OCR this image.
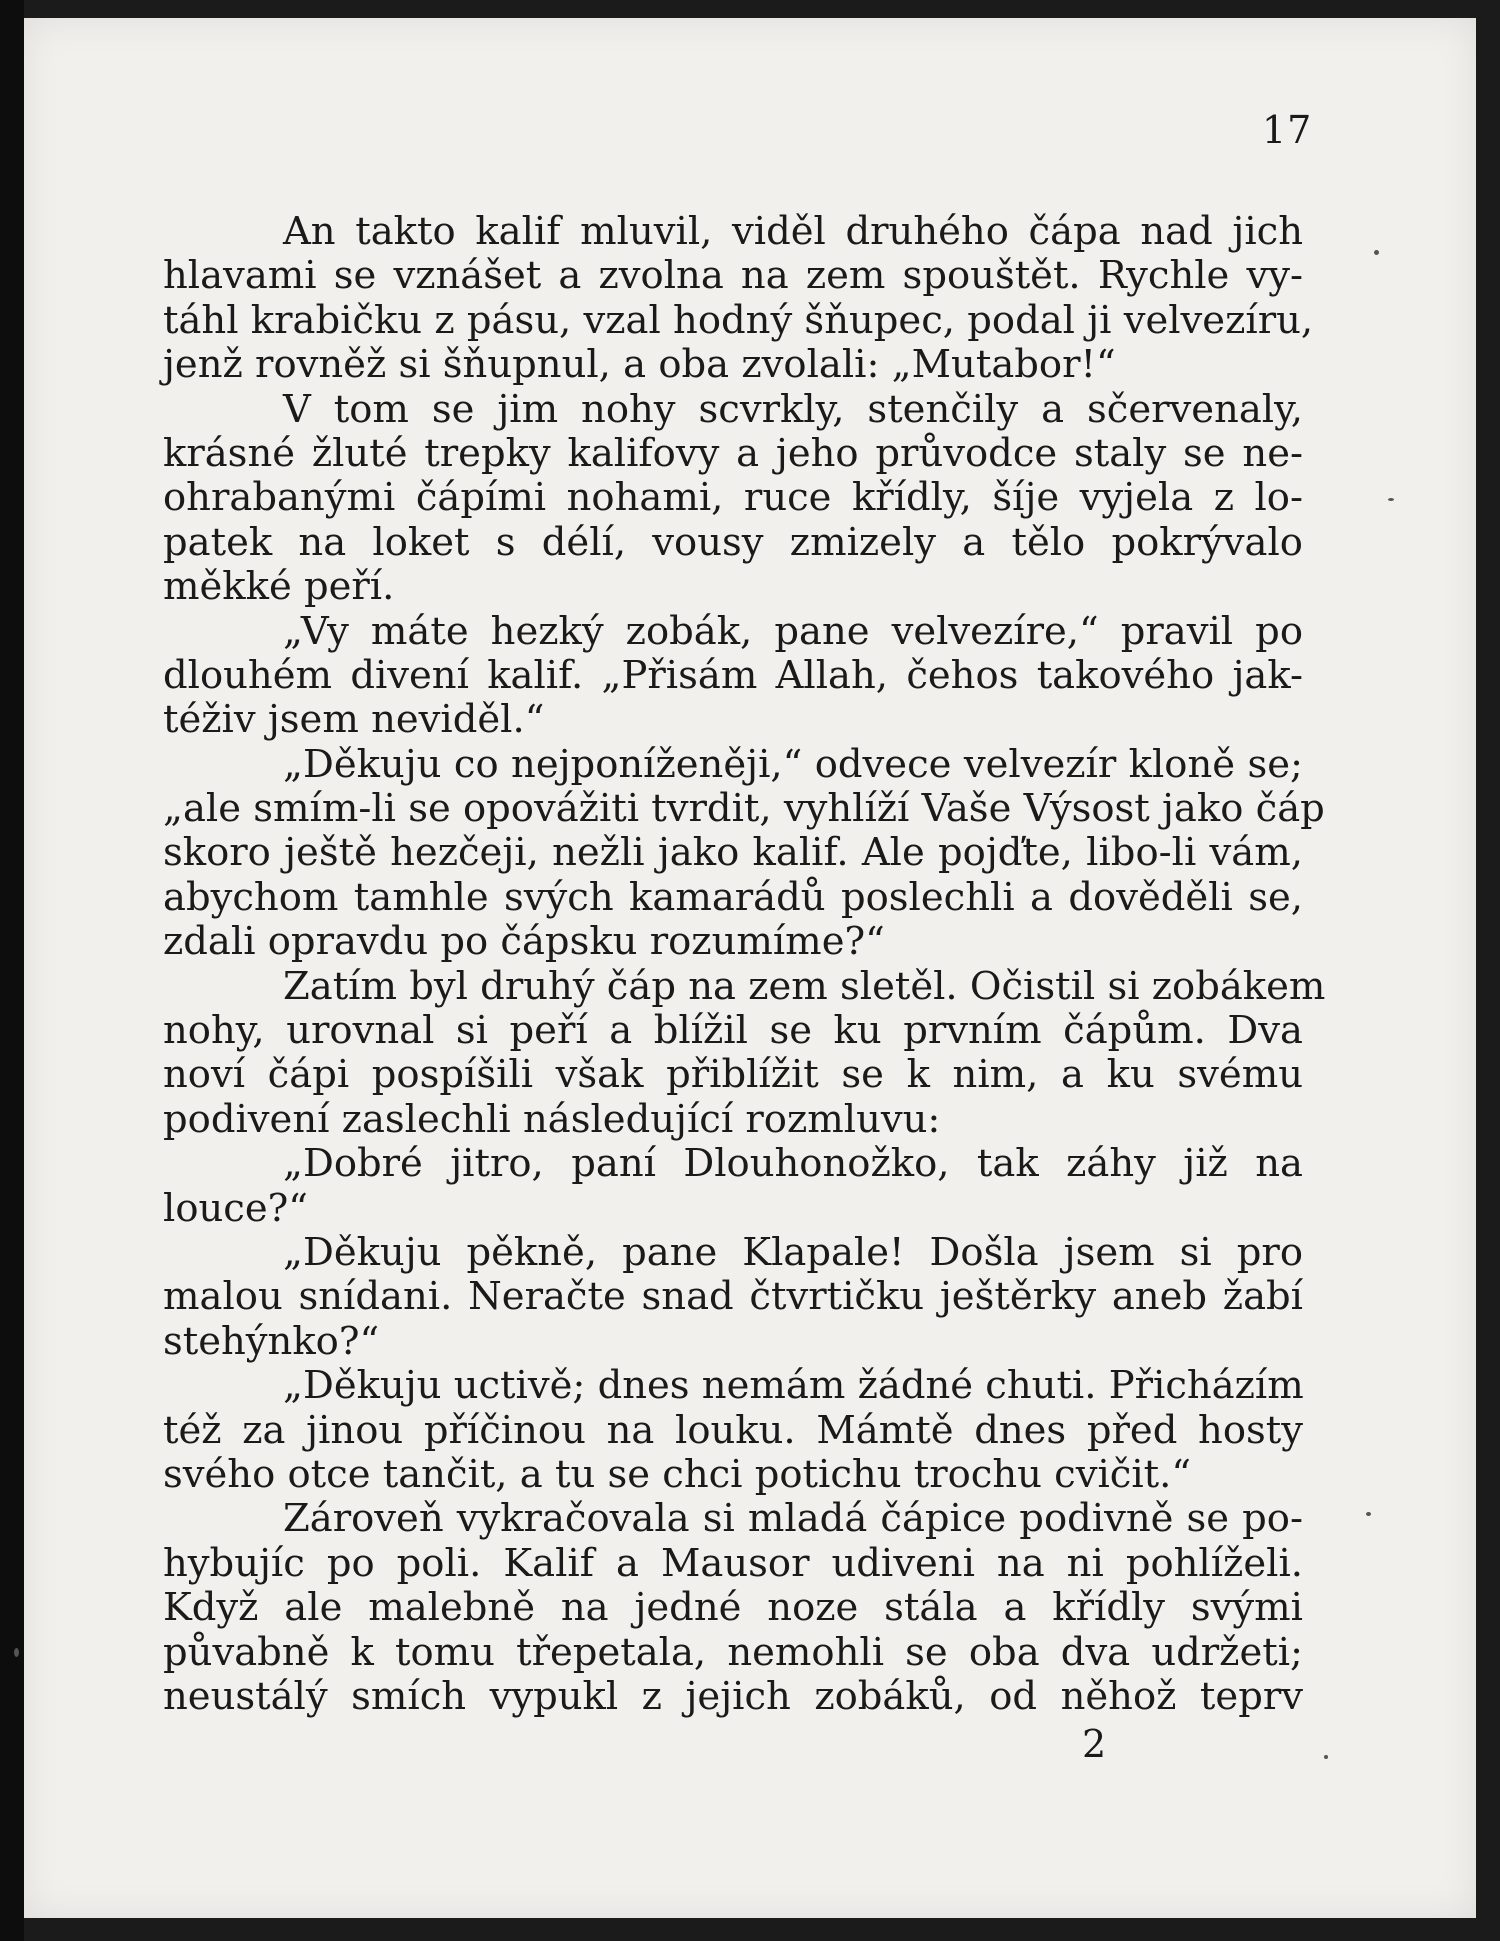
17
An takto kalif mluvil, viděl druhého čápa nad jich
hlavami se vznášet a zvolna na zem spouštět. Rychle vy-
táhl krabičku z pásu, vzal hodný šňupec, podal ji velvezíru,
jenž rovněž si šňupnul, a oba zvolali: „Mutabor!“
V tom se jim nohy scvrkly, stenčily a sčervenaly,
krásné žluté trepky kalifovy a jeho průvodce staly se ne-
ohrabanými čápími nohami, ruce křídly, šíje vyjela z lo-
patek na loket s délí, vousy zmizely a tělo pokrývalo
měkké peří.
„Vy máte hezký zobák, pane velvezíre,“ pravil po
dlouhém divení kalif. „Přisám Allah, čehos takového jak-
téživ jsem neviděl.“
„Děkuju co nejponíženěji,“ odvece velvezír kloně se;
„ale smím-li se opovážiti tvrdit, vyhlíží Vaše Výsost jako čáp
skoro ještě hezčeji, nežli jako kalif. Ale pojďte, libo-li vám,
abychom tamhle svých kamarádů poslechli a dověděli se,
zdali opravdu po čápsku rozumíme?“
Zatím byl druhý čáp na zem sletěl. Očistil si zobákem
nohy, urovnal si peří a blížil se ku prvním čápům. Dva
noví čápi pospíšili však přiblížit se k nim, a ku svému
podivení zaslechli následující rozmluvu:
„Dobré jitro, paní Dlouhonožko, tak záhy již na
louce?“
„Děkuju pěkně, pane Klapale! Došla jsem si pro
malou snídani. Neračte snad čtvrtičku ještěrky aneb žabí
stehýnko?“
„Děkuju uctivě; dnes nemám žádné chuti. Přicházím
též za jinou příčinou na louku. Mámtě dnes před hosty
svého otce tančit, a tu se chci potichu trochu cvičit.“
Zároveň vykračovala si mladá čápice podivně se po-
hybujíc po poli. Kalif a Mausor udiveni na ni pohlíželi.
Když ale malebně na jedné noze stála a křídly svými
půvabně k tomu třepetala, nemohli se oba dva udržeti;
neustálý smích vypukl z jejich zobáků, od něhož teprv
2
